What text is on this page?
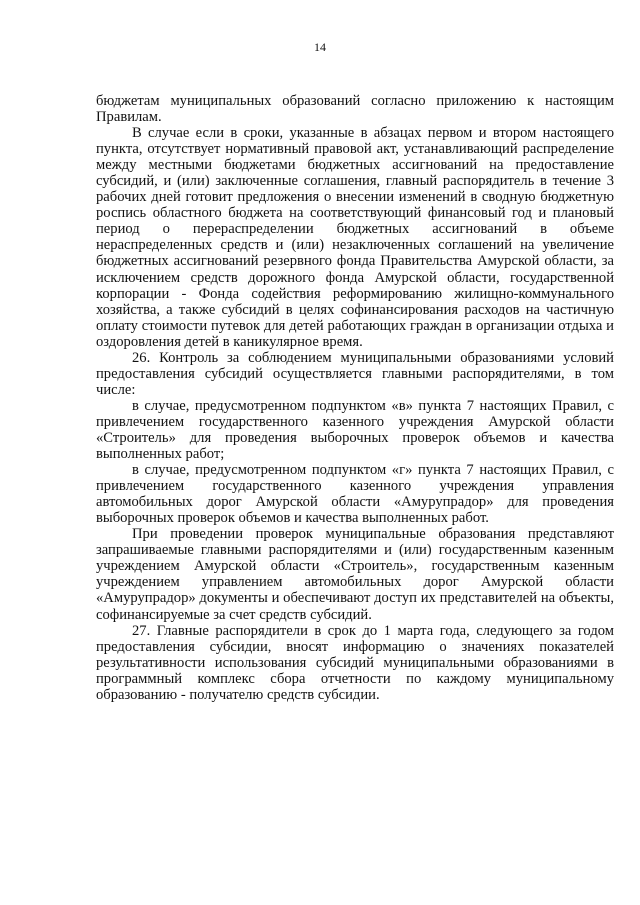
14

бюджетам муниципальных образований согласно приложению к настоящим Правилам.

В случае если в сроки, указанные в абзацах первом и втором настоящего пункта, отсутствует нормативный правовой акт, устанавливающий распределение между местными бюджетами бюджетных ассигнований на предоставление субсидий, и (или) заключенные соглашения, главный распорядитель в течение 3 рабочих дней готовит предложения о внесении изменений в сводную бюджетную роспись областного бюджета на соответствующий финансовый год и плановый период о перераспределении бюджетных ассигнований в объеме нераспределенных средств и (или) незаключенных соглашений на увеличение бюджетных ассигнований резервного фонда Правительства Амурской области, за исключением средств дорожного фонда Амурской области, государственной корпорации - Фонда содействия реформированию жилищно-коммунального хозяйства, а также субсидий в целях софинансирования расходов на частичную оплату стоимости путевок для детей работающих граждан в организации отдыха и оздоровления детей в каникулярное время.

26. Контроль за соблюдением муниципальными образованиями условий предоставления субсидий осуществляется главными распорядителями, в том числе:

в случае, предусмотренном подпунктом «в» пункта 7 настоящих Правил, с привлечением государственного казенного учреждения Амурской области «Строитель» для проведения выборочных проверок объемов и качества выполненных работ;

в случае, предусмотренном подпунктом «г» пункта 7 настоящих Правил, с привлечением государственного казенного учреждения управления автомобильных дорог Амурской области «Амурупрадор» для проведения выборочных проверок объемов и качества выполненных работ.

При проведении проверок муниципальные образования представляют запрашиваемые главными распорядителями и (или) государственным казенным учреждением Амурской области «Строитель», государственным казенным учреждением управлением автомобильных дорог Амурской области «Амурупрадор» документы и обеспечивают доступ их представителей на объекты, софинансируемые за счет средств субсидий.

27. Главные распорядители в срок до 1 марта года, следующего за годом предоставления субсидии, вносят информацию о значениях показателей результативности использования субсидий муниципальными образованиями в программный комплекс сбора отчетности по каждому муниципальному образованию - получателю средств субсидии.
